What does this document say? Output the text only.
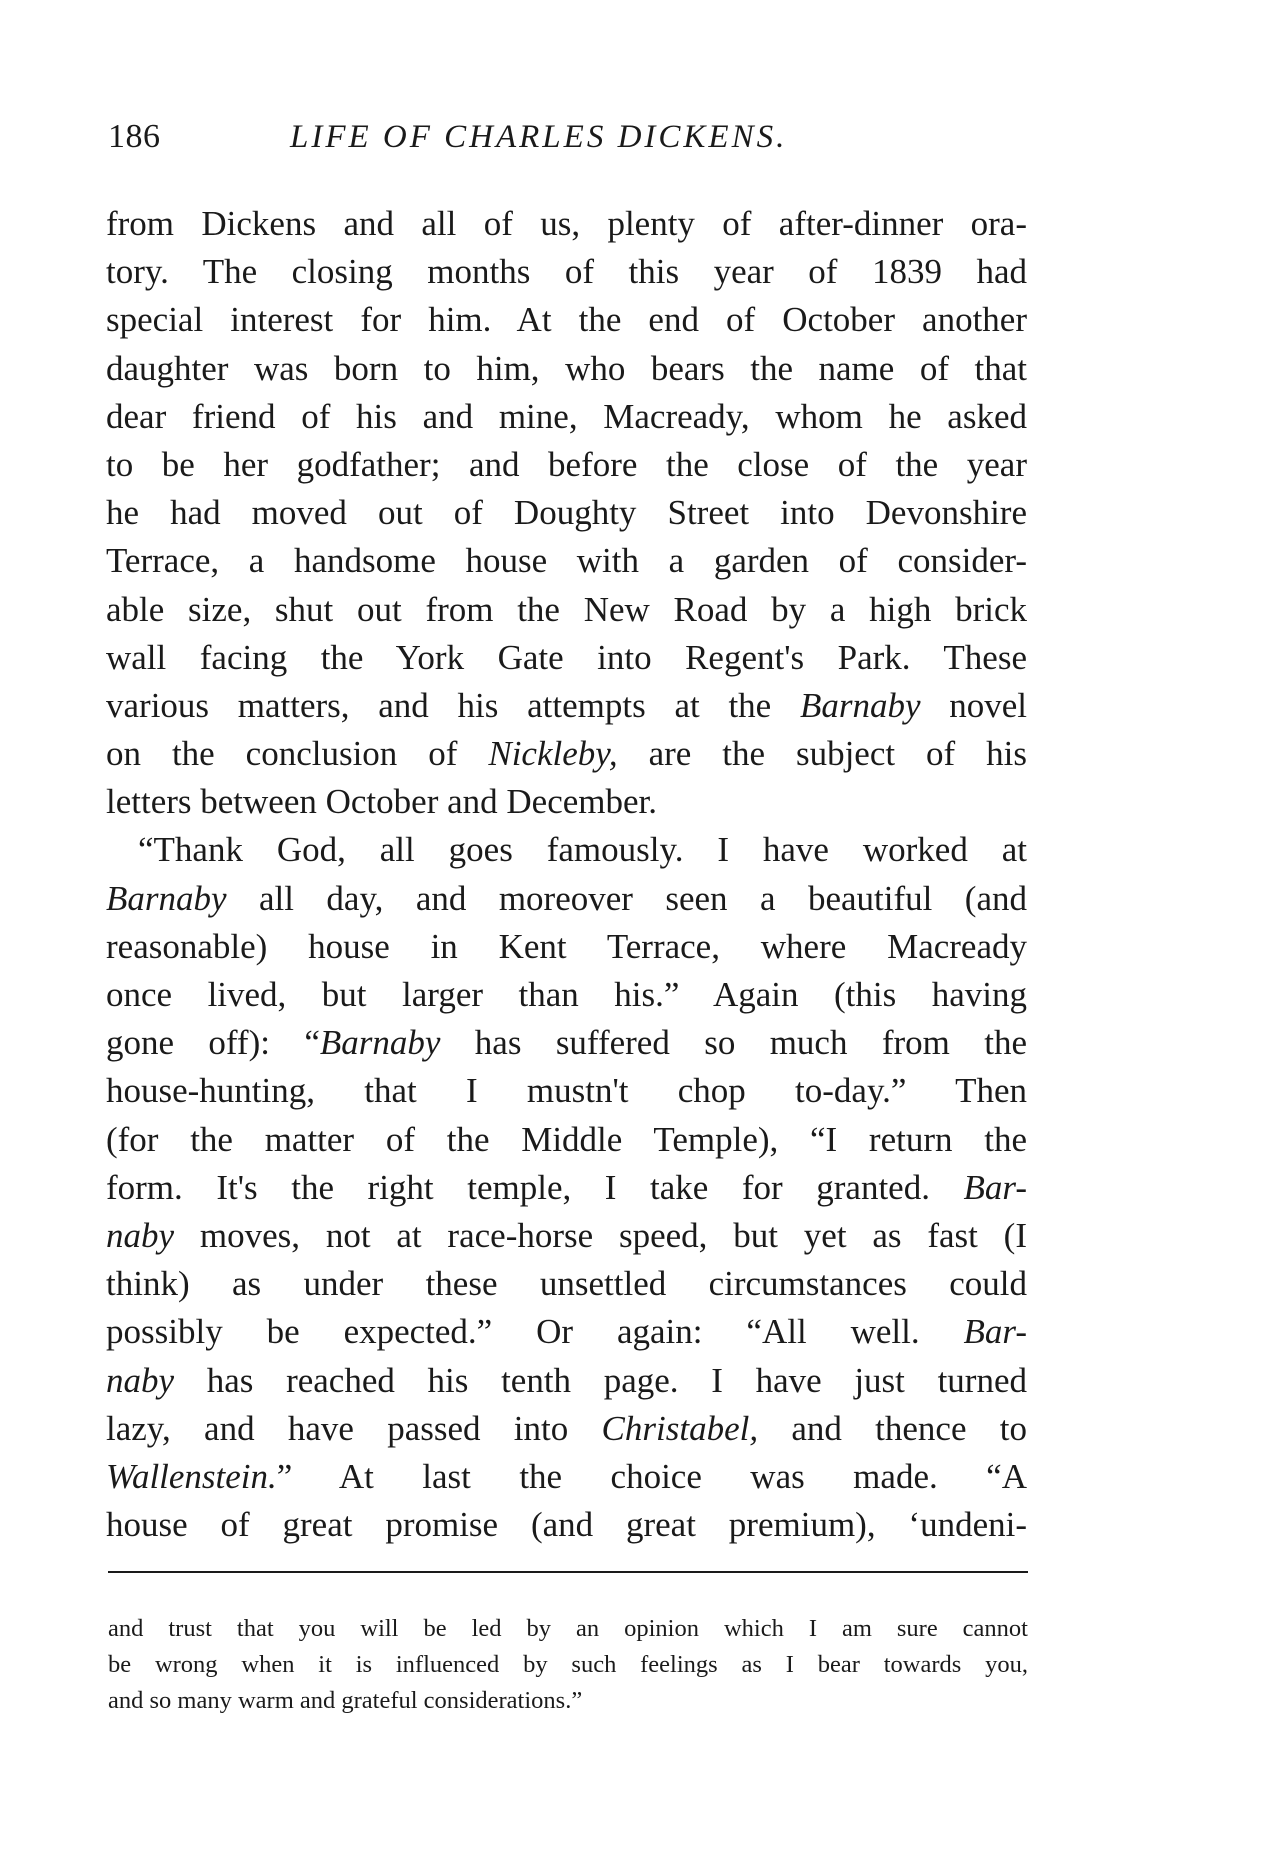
186	LIFE OF CHARLES DICKENS.
from Dickens and all of us, plenty of after-dinner ora-
tory. The closing months of this year of 1839 had
special interest for him. At the end of October another
daughter was born to him, who bears the name of that
dear friend of his and mine, Macready, whom he asked
to be her godfather; and before the close of the year
he had moved out of Doughty Street into Devonshire
Terrace, a handsome house with a garden of consider-
able size, shut out from the New Road by a high brick
wall facing the York Gate into Regent's Park. These
various matters, and his attempts at the Barnaby novel
on the conclusion of Nickleby, are the subject of his
letters between October and December.
“Thank God, all goes famously. I have worked at
Barnaby all day, and moreover seen a beautiful (and
reasonable) house in Kent Terrace, where Macready
once lived, but larger than his.” Again (this having
gone off): “Barnaby has suffered so much from the
house-hunting, that I mustn't chop to-day.” Then
(for the matter of the Middle Temple), “I return the
form. It's the right temple, I take for granted. Bar-
naby moves, not at race-horse speed, but yet as fast (I
think) as under these unsettled circumstances could
possibly be expected.” Or again: “All well. Bar-
naby has reached his tenth page. I have just turned
lazy, and have passed into Christabel, and thence to
Wallenstein.” At last the choice was made. “A
house of great promise (and great premium), ‘undeni-
and trust that you will be led by an opinion which I am sure cannot
be wrong when it is influenced by such feelings as I bear towards you,
and so many warm and grateful considerations.”
